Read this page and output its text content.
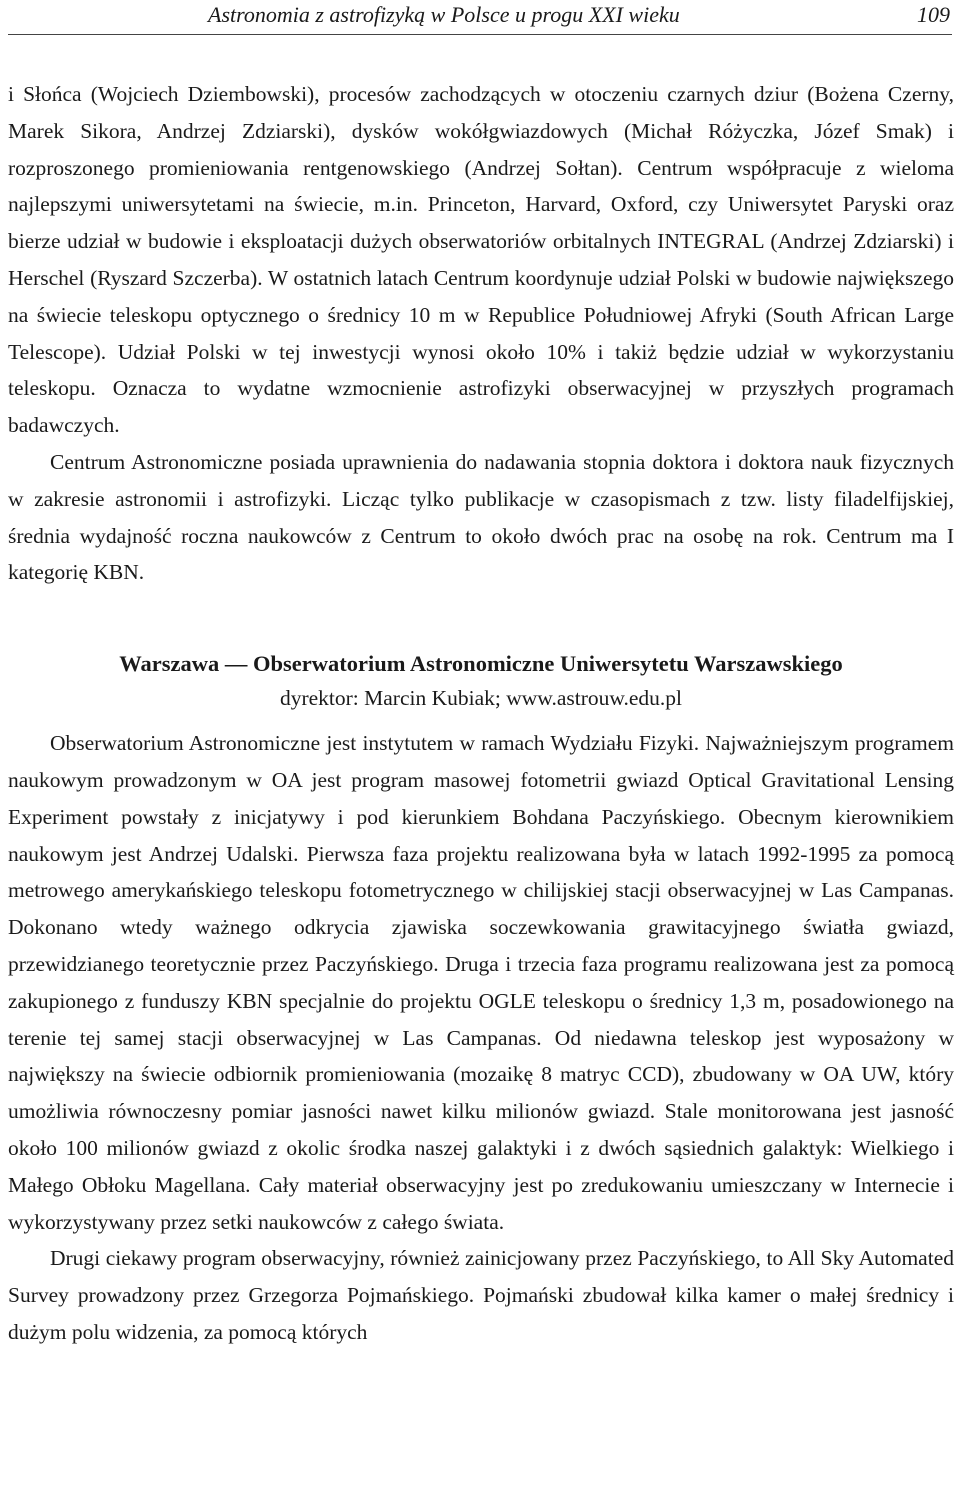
Astronomia z astrofizyką w Polsce u progu XXI wieku	109

i Słońca (Wojciech Dziembowski), procesów zachodzących w otoczeniu czarnych dziur (Bożena Czerny, Marek Sikora, Andrzej Zdziarski), dysków wokółgwiazdowych (Michał Różyczka, Józef Smak) i rozproszonego promieniowania rentgenowskiego (Andrzej Sołtan). Centrum współpracuje z wieloma najlepszymi uniwersytetami na świecie, m.in. Princeton, Harvard, Oxford, czy Uniwersytet Paryski oraz bierze udział w budowie i eksploatacji dużych obserwatoriów orbitalnych INTEGRAL (Andrzej Zdziarski) i Herschel (Ryszard Szczerba). W ostatnich latach Centrum koordynuje udział Polski w budowie największego na świecie teleskopu optycznego o średnicy 10 m w Republice Południowej Afryki (South African Large Telescope). Udział Polski w tej inwestycji wynosi około 10% i takiż będzie udział w wykorzystaniu teleskopu. Oznacza to wydatne wzmocnienie astrofizyki obserwacyjnej w przyszłych programach badawczych.

Centrum Astronomiczne posiada uprawnienia do nadawania stopnia doktora i doktora nauk fizycznych w zakresie astronomii i astrofizyki. Licząc tylko publikacje w czasopismach z tzw. listy filadelfijskiej, średnia wydajność roczna naukowców z Centrum to około dwóch prac na osobę na rok. Centrum ma I kategorię KBN.

Warszawa — Obserwatorium Astronomiczne Uniwersytetu Warszawskiego
dyrektor: Marcin Kubiak; www.astrouw.edu.pl

Obserwatorium Astronomiczne jest instytutem w ramach Wydziału Fizyki. Najważniejszym programem naukowym prowadzonym w OA jest program masowej fotometrii gwiazd Optical Gravitational Lensing Experiment powstały z inicjatywy i pod kierunkiem Bohdana Paczyńskiego. Obecnym kierownikiem naukowym jest Andrzej Udalski. Pierwsza faza projektu realizowana była w latach 1992-1995 za pomocą metrowego amerykańskiego teleskopu fotometrycznego w chilijskiej stacji obserwacyjnej w Las Campanas. Dokonano wtedy ważnego odkrycia zjawiska soczewkowania grawitacyjnego światła gwiazd, przewidzianego teoretycznie przez Paczyńskiego. Druga i trzecia faza programu realizowana jest za pomocą zakupionego z funduszy KBN specjalnie do projektu OGLE teleskopu o średnicy 1,3 m, posadowionego na terenie tej samej stacji obserwacyjnej w Las Campanas. Od niedawna teleskop jest wyposażony w największy na świecie odbiornik promieniowania (mozaikę 8 matryc CCD), zbudowany w OA UW, który umożliwia równoczesny pomiar jasności nawet kilku milionów gwiazd. Stale monitorowana jest jasność około 100 milionów gwiazd z okolic środka naszej galaktyki i z dwóch sąsiednich galaktyk: Wielkiego i Małego Obłoku Magellana. Cały materiał obserwacyjny jest po zredukowaniu umieszczany w Internecie i wykorzystywany przez setki naukowców z całego świata.

Drugi ciekawy program obserwacyjny, również zainicjowany przez Paczyńskiego, to All Sky Automated Survey prowadzony przez Grzegorza Pojmańskiego. Pojmański zbudował kilka kamer o małej średnicy i dużym polu widzenia, za pomocą których
